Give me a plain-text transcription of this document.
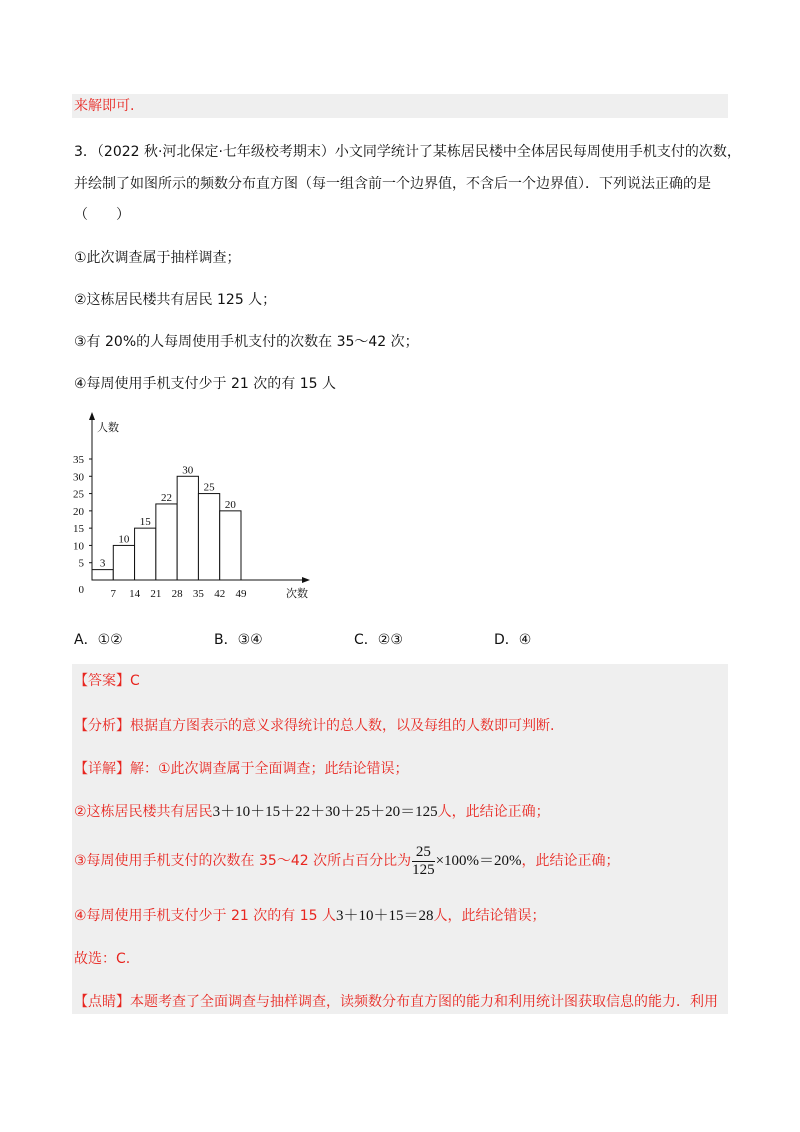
来解即可.
3．（2022 秋·河北保定·七年级校考期末）小文同学统计了某栋居民楼中全体居民每周使用手机支付的次数，
并绘制了如图所示的频数分布直方图（每一组含前一个边界值，不含后一个边界值）．下列说法正确的是
（　　）
①此次调查属于抽样调查；
②这栋居民楼共有居民 125 人；
③有 20%的人每周使用手机支付的次数在 35～42 次；
④每周使用手机支付少于 21 次的有 15 人
3
10
15
22
30
25
20
5
10
15
20
25
30
35
7 14 21 28 35 42 49
0
人数
次数
A．①②	B．③④	C．②③	D．④
【答案】C
【分析】根据直方图表示的意义求得统计的总人数，以及每组的人数即可判断.
【详解】解：①此次调查属于全面调查；此结论错误；
②这栋居民楼共有居民3＋10＋15＋22＋30＋25＋20＝125人，此结论正确；
③每周使用手机支付的次数在 35～42 次所占百分比为 $\frac{25}{125} \times 100\%=20\%$，此结论正确；
④每周使用手机支付少于 21 次的有 15 人3＋10＋15＝28人，此结论错误；
故选：C.
【点睛】本题考查了全面调查与抽样调查，读频数分布直方图的能力和利用统计图获取信息的能力．利用
